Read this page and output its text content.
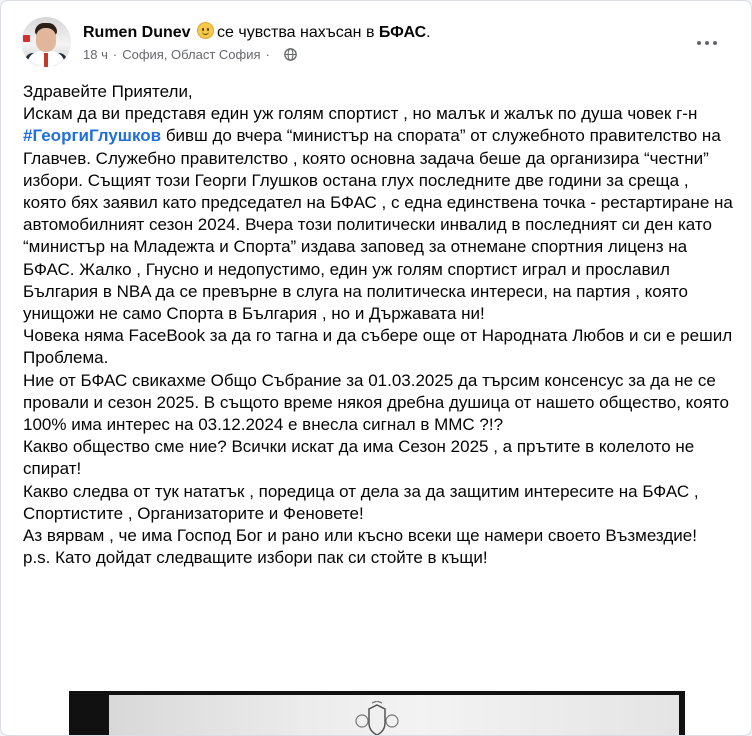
Rumen Dunev се чувства нахъсан в БФАС.
18 ч · София, Област София ·

Здравейте Приятели,

Искам да ви представя един уж голям спортист , но малък и жалък по душа човек г-н #ГеоргиГлушков бивш до вчера “министър на спората” от служебното правителство на Главчев. Служебно правителство , която основна задача беше да организира “честни” избори. Същият този Георги Глушков остана глух последните две години за среща , която бях заявил като председател на БФАС , с една единствена точка - рестартиране на автомобилният сезон 2024. Вчера този политически инвалид в последният си ден като “министър на Младежта и Спорта” издава заповед за отнемане спортния лиценз на БФАС. Жалко , Гнусно и недопустимо, един уж голям спортист играл и прославил България в NBA да се превърне в слуга на политическа интереси, на партия , която унищожи не само Спорта в България , но и Държавата ни!

Човека няма FaceBook за да го тагна и да събере още от Народната Любов и си е решил Проблема.

Ние от БФАС свикахме Общо Събрание за 01.03.2025 да търсим консенсус за да не се провали и сезон 2025. В същото време някоя дребна душица от нашето общество, която 100% има интерес на 03.12.2024 е внесла сигнал в ММС ?!?

Какво общество сме ние? Всички искат да има Сезон 2025 , а прътите в колелото не спират!

Какво следва от тук нататък , поредица от дела за да защитим интересите на БФАС , Спортистите , Организаторите и Феновете!

Аз вярвам , че има Господ Бог и рано или късно всеки ще намери своето Възмездие!

p.s. Като дойдат следващите избори пак си стойте в къщи!
